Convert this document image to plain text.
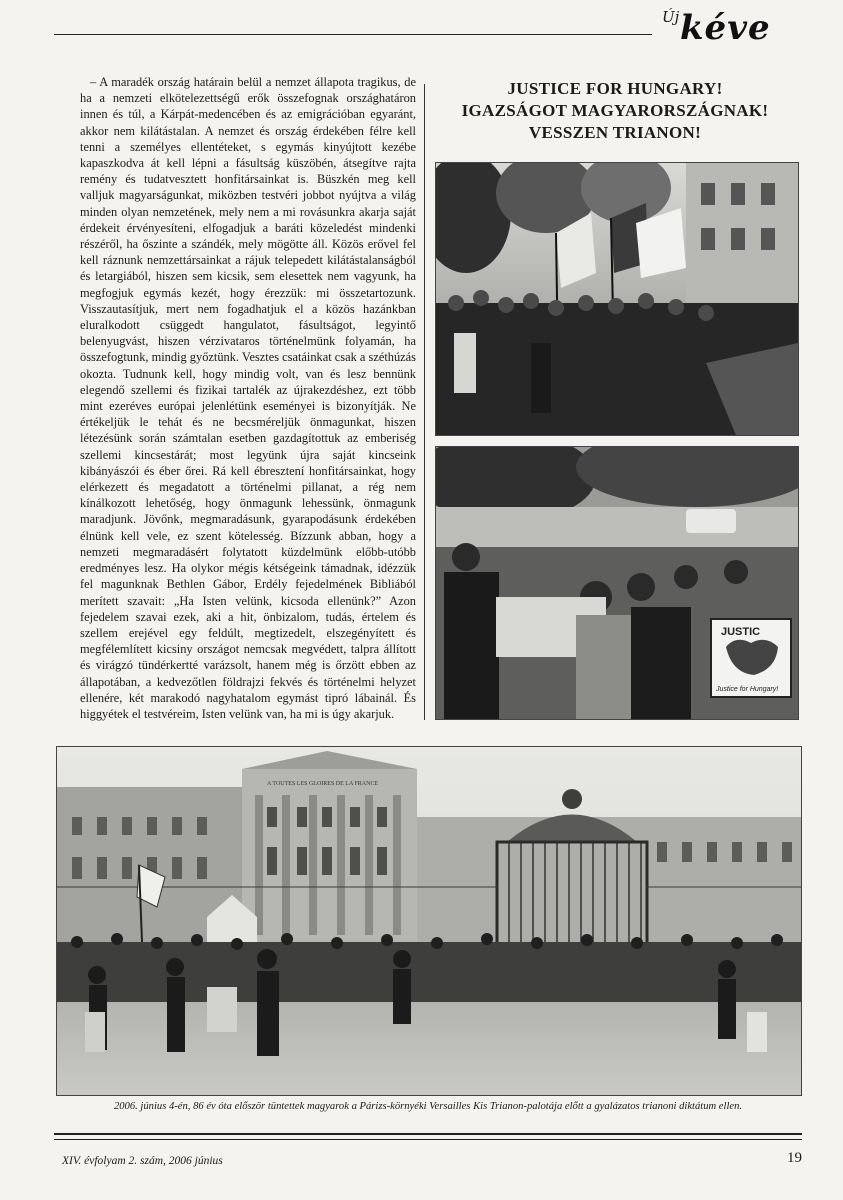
Új kéve

– A maradék ország határain belül a nemzet állapota tragikus, de ha a nemzeti elkötelezettségű erők összefognak országhatáron innen és túl, a Kárpát-medencében és az emigrációban egyaránt, akkor nem kilátástalan. A nemzet és ország érdekében félre kell tenni a személyes ellentéteket, s egymás kinyújtott kezébe kapaszkodva át kell lépni a fásultság küszöbén, átsegítve rajta remény és tudatvesztett honfitársainkat is. Büszkén meg kell valljuk magyarságunkat, miközben testvéri jobbot nyújtva a világ minden olyan nemzetének, mely nem a mi rovásunkra akarja saját érdekeit érvényesíteni, elfogadjuk a baráti közeledést mindenki részéről, ha őszinte a szándék, mely mögötte áll. Közös erővel fel kell ráznunk nemzettársainkat a rájuk telepedett kilátástalanságból és letargiából, hiszen sem kicsik, sem elesettek nem vagyunk, ha megfogjuk egymás kezét, hogy érezzük: mi összetartozunk. Visszautasítjuk, mert nem fogadhatjuk el a közös hazánkban eluralkodott csüggedt hangulatot, fásultságot, legyintő belenyugvást, hiszen vérzivataros történelmünk folyamán, ha összefogtunk, mindig győztünk. Vesztes csatáinkat csak a széthúzás okozta. Tudnunk kell, hogy mindig volt, van és lesz bennünk elegendő szellemi és fizikai tartalék az újrakezdéshez, ezt több mint ezeréves európai jelenlétünk eseményei is bizonyítják. Ne értékeljük le tehát és ne becsméreljük önmagunkat, hiszen létezésünk során számtalan esetben gazdagítottuk az emberiség szellemi kincsestárát; most legyünk újra saját kincseink kibányászói és éber őrei. Rá kell ébresztení honfitársainkat, hogy elérkezett és megadatott a történelmi pillanat, a rég nem kínálkozott lehetőség, hogy önmagunk lehessünk, önmagunk maradjunk. Jövőnk, megmaradásunk, gyarapodásunk érdekében élnünk kell vele, ez szent kötelesség. Bízzunk abban, hogy a nemzeti megmaradásért folytatott küzdelmünk előbb-utóbb eredményes lesz. Ha olykor mégis kétségeink támadnak, idézzük fel magunknak Bethlen Gábor, Erdély fejedelmének Bibliából merített szavait: „Ha Isten velünk, kicsoda ellenünk?” Azon fejedelem szavai ezek, aki a hit, önbizalom, tudás, értelem és szellem erejével egy feldúlt, megtizedelt, elszegényített és megfélemlített kicsiny országot nemcsak megvédett, talpra állított és virágzó tündérkertté varázsolt, hanem még is őrzött ebben az állapotában, a kedvezőtlen földrajzi fekvés és történelmi helyzet ellenére, két marakodó nagyhatalom egymást tipró lábainál. És higgyétek el testvéreim, Isten velünk van, ha mi is úgy akarjuk.

JUSTICE FOR HUNGARY!
IGAZSÁGOT MAGYARORSZÁGNAK!
VESSZEN TRIANON!
JUSTIC
Justice for Hungary!
A TOUTES LES GLOIRES DE LA FRANCE
2006. június 4-én, 86 év óta először tüntettek magyarok a Párizs-környéki Versailles Kis Trianon-palotája előtt a gyalázatos trianoni diktátum ellen.
XIV. évfolyam 2. szám, 2006 június	19
